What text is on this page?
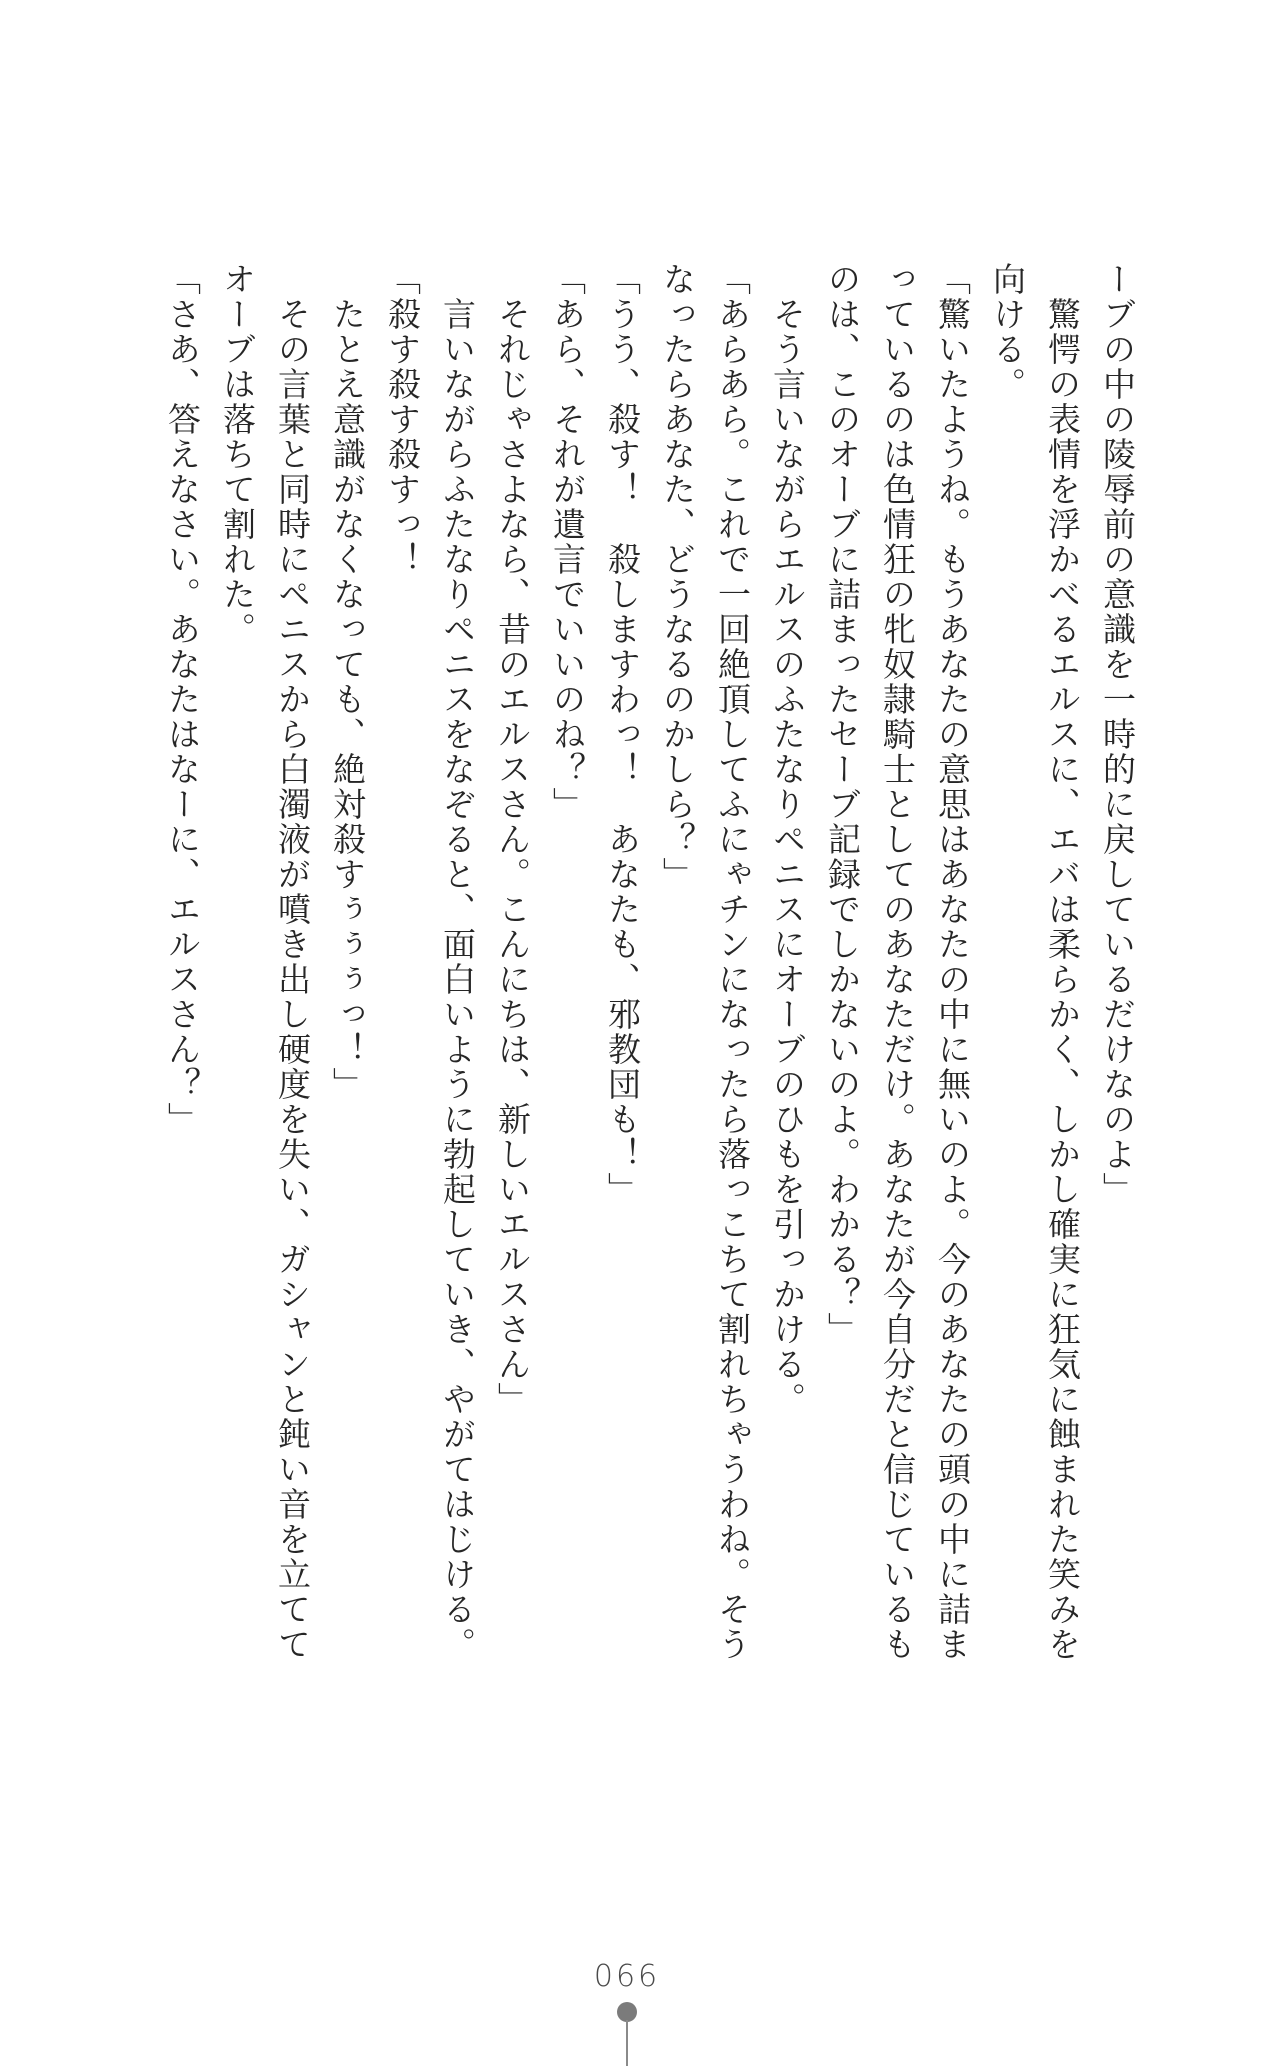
ーブの中の陵辱前の意識を一時的に戻しているだけなのよ」

驚愕の表情を浮かべるエルスに、エバは柔らかく、しかし確実に狂気に蝕まれた笑みを

向ける。

「驚いたようね。もうあなたの意思はあなたの中に無いのよ。今のあなたの頭の中に詰ま

っているのは色情狂の牝奴隷騎士としてのあなただけ。あなたが今自分だと信じているも

のは、このオーブに詰まったセーブ記録でしかないのよ。わかる？」

そう言いながらエルスのふたなりペニスにオーブのひもを引っかける。

「あらあら。これで一回絶頂してふにゃチンになったら落っこちて割れちゃうわね。そう

なったらあなた、どうなるのかしら？」

「うう、殺す！　殺しますわっ！　あなたも、邪教団も！」

「あら、それが遺言でいいのね？」

それじゃさよなら、昔のエルスさん。こんにちは、新しいエルスさん」

言いながらふたなりペニスをなぞると、面白いように勃起していき、やがてはじける。

「殺す殺す殺すっ！

たとえ意識がなくなっても、絶対殺すぅぅぅっ！」

その言葉と同時にペニスから白濁液が噴き出し硬度を失い、ガシャンと鈍い音を立てて

オーブは落ちて割れた。

「さあ、答えなさい。あなたはなーに、エルスさん？」

066
